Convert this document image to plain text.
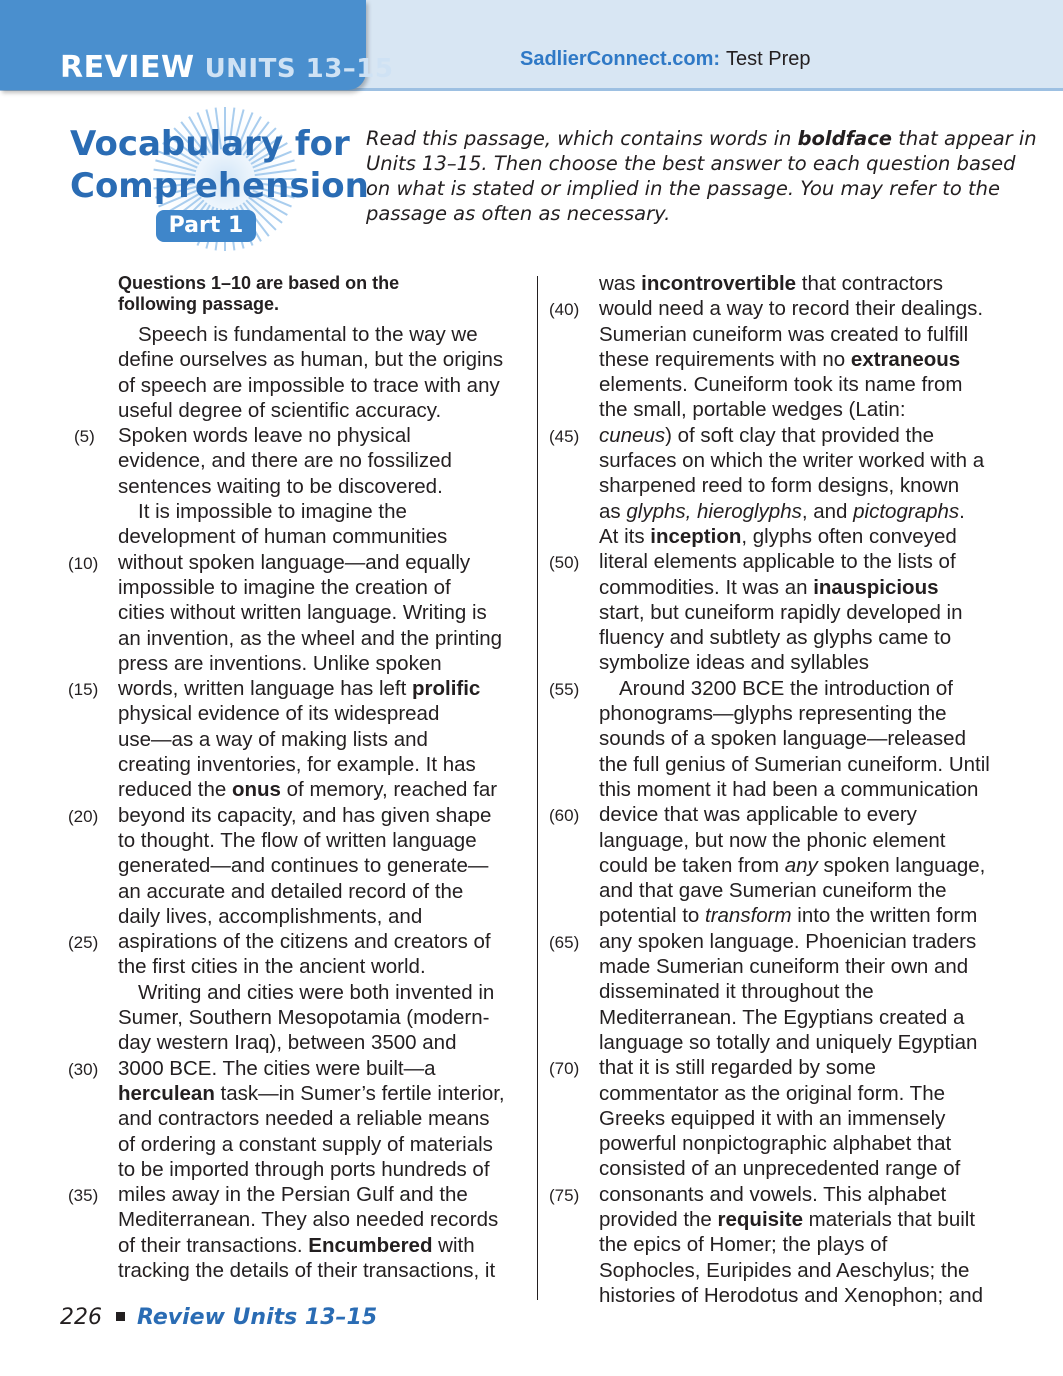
REVIEW UNITS 13–15	SadlierConnect.com: Test Prep
Vocabulary for
Comprehension
Part 1
Read this passage, which contains words in boldface that appear in
Units 13–15. Then choose the best answer to each question based
on what is stated or implied in the passage. You may refer to the
passage as often as necessary.
Questions 1–10 are based on the
following passage.
Speech is fundamental to the way we
define ourselves as human, but the origins
of speech are impossible to trace with any
useful degree of scientific accuracy.
(5) Spoken words leave no physical
evidence, and there are no fossilized
sentences waiting to be discovered.
It is impossible to imagine the
development of human communities
(10) without spoken language—and equally
impossible to imagine the creation of
cities without written language. Writing is
an invention, as the wheel and the printing
press are inventions. Unlike spoken
(15) words, written language has left prolific
physical evidence of its widespread
use—as a way of making lists and
creating inventories, for example. It has
reduced the onus of memory, reached far
(20) beyond its capacity, and has given shape
to thought. The flow of written language
generated—and continues to generate—
an accurate and detailed record of the
daily lives, accomplishments, and
(25) aspirations of the citizens and creators of
the first cities in the ancient world.
Writing and cities were both invented in
Sumer, Southern Mesopotamia (modern-
day western Iraq), between 3500 and
(30) 3000 BCE. The cities were built—a
herculean task—in Sumer’s fertile interior,
and contractors needed a reliable means
of ordering a constant supply of materials
to be imported through ports hundreds of
(35) miles away in the Persian Gulf and the
Mediterranean. They also needed records
of their transactions. Encumbered with
tracking the details of their transactions, it
was incontrovertible that contractors
(40) would need a way to record their dealings.
Sumerian cuneiform was created to fulfill
these requirements with no extraneous
elements. Cuneiform took its name from
the small, portable wedges (Latin:
(45) cuneus) of soft clay that provided the
surfaces on which the writer worked with a
sharpened reed to form designs, known
as glyphs, hieroglyphs, and pictographs.
At its inception, glyphs often conveyed
(50) literal elements applicable to the lists of
commodities. It was an inauspicious
start, but cuneiform rapidly developed in
fluency and subtlety as glyphs came to
symbolize ideas and syllables
(55) Around 3200 BCE the introduction of
phonograms—glyphs representing the
sounds of a spoken language—released
the full genius of Sumerian cuneiform. Until
this moment it had been a communication
(60) device that was applicable to every
language, but now the phonic element
could be taken from any spoken language,
and that gave Sumerian cuneiform the
potential to transform into the written form
(65) any spoken language. Phoenician traders
made Sumerian cuneiform their own and
disseminated it throughout the
Mediterranean. The Egyptians created a
language so totally and uniquely Egyptian
(70) that it is still regarded by some
commentator as the original form. The
Greeks equipped it with an immensely
powerful nonpictographic alphabet that
consisted of an unprecedented range of
(75) consonants and vowels. This alphabet
provided the requisite materials that built
the epics of Homer; the plays of
Sophocles, Euripides and Aeschylus; the
histories of Herodotus and Xenophon; and
226 Review Units 13–15
